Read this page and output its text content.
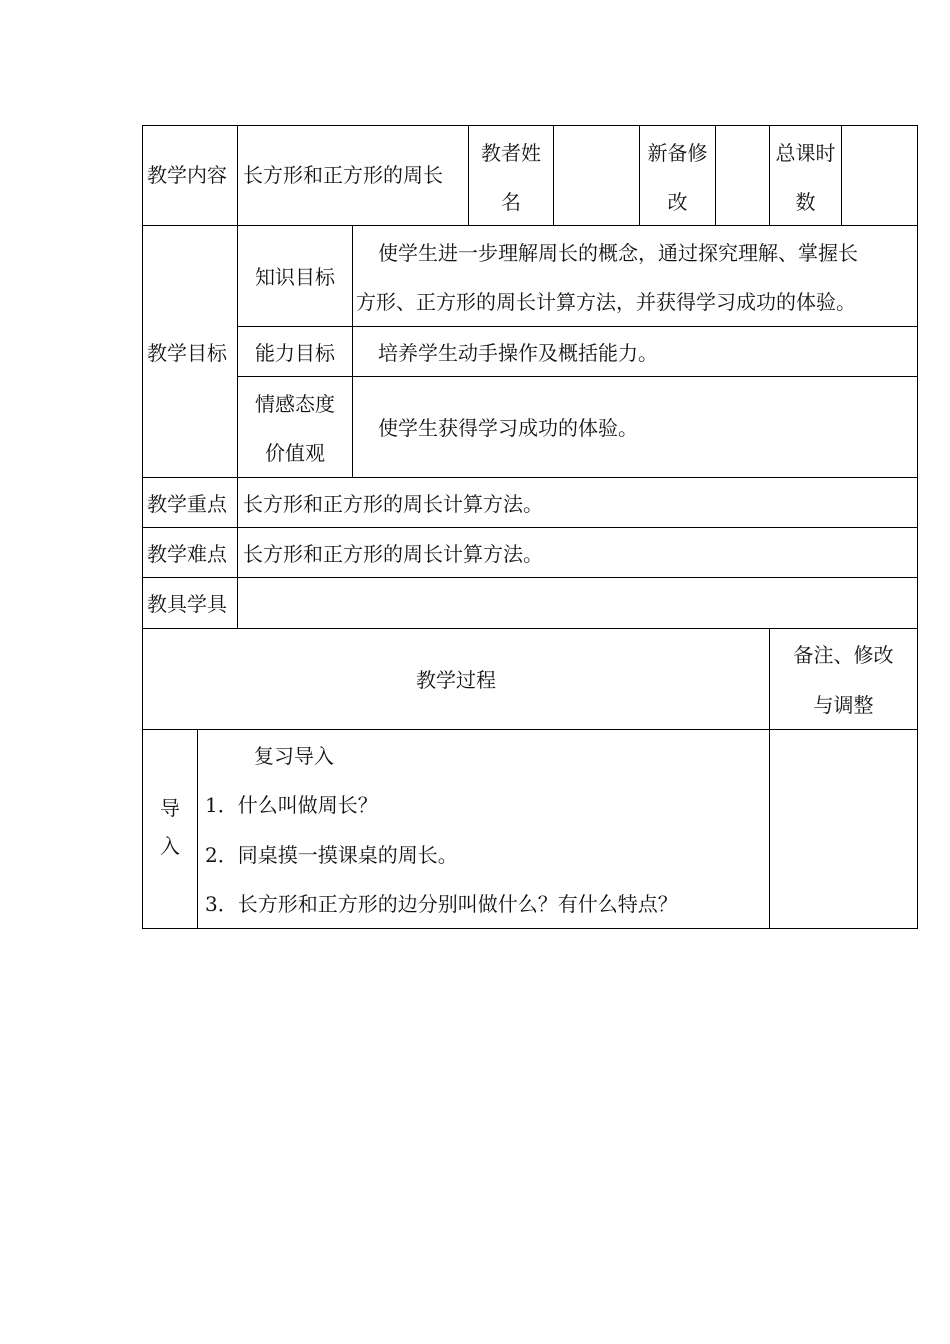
教学内容 长方形和正方形的周长
教者姓
名
新备修
改
总课时
数
教学目标
知识目标
使学生进一步理解周长的概念，通过探究理解、掌握长
方形、正方形的周长计算方法，并获得学习成功的体验。
能力目标	培养学生动手操作及概括能力。
情感态度
价值观
使学生获得学习成功的体验。
教学重点 长方形和正方形的周长计算方法。
教学难点 长方形和正方形的周长计算方法。
教具学具
教学过程
备注、修改
与调整
导
入
复习导入
1．什么叫做周长？
2．同桌摸一摸课桌的周长。
3．长方形和正方形的边分别叫做什么？有什么特点？
